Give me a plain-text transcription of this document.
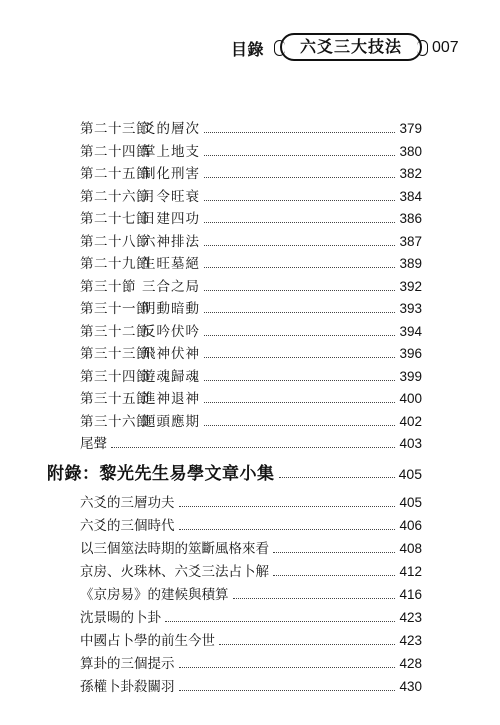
目錄	六爻三大技法	007
第二十三節爻的層次	379
第二十四節掌上地支	380
第二十五節制化刑害	382
第二十六節月令旺衰	384
第二十七節日建四功	386
第二十八節六神排法	387
第二十九節生旺墓絕	389
第三十節 三合之局	392
第三十一節明動暗動	393
第三十二節反吟伏吟	394
第三十三節飛神伏神	396
第三十四節遊魂歸魂	399
第三十五節進神退神	400
第三十六節題頭應期	402
尾聲	403
附錄：黎光先生易學文章小集	405
六爻的三層功夫	405
六爻的三個時代	406
以三個筮法時期的筮斷風格來看	408
京房、火珠林、六爻三法占卜解	412
《京房易》的建候與積算	416
沈景暘的卜卦	423
中國占卜學的前生今世	423
算卦的三個提示	428
孫權卜卦殺關羽	430
